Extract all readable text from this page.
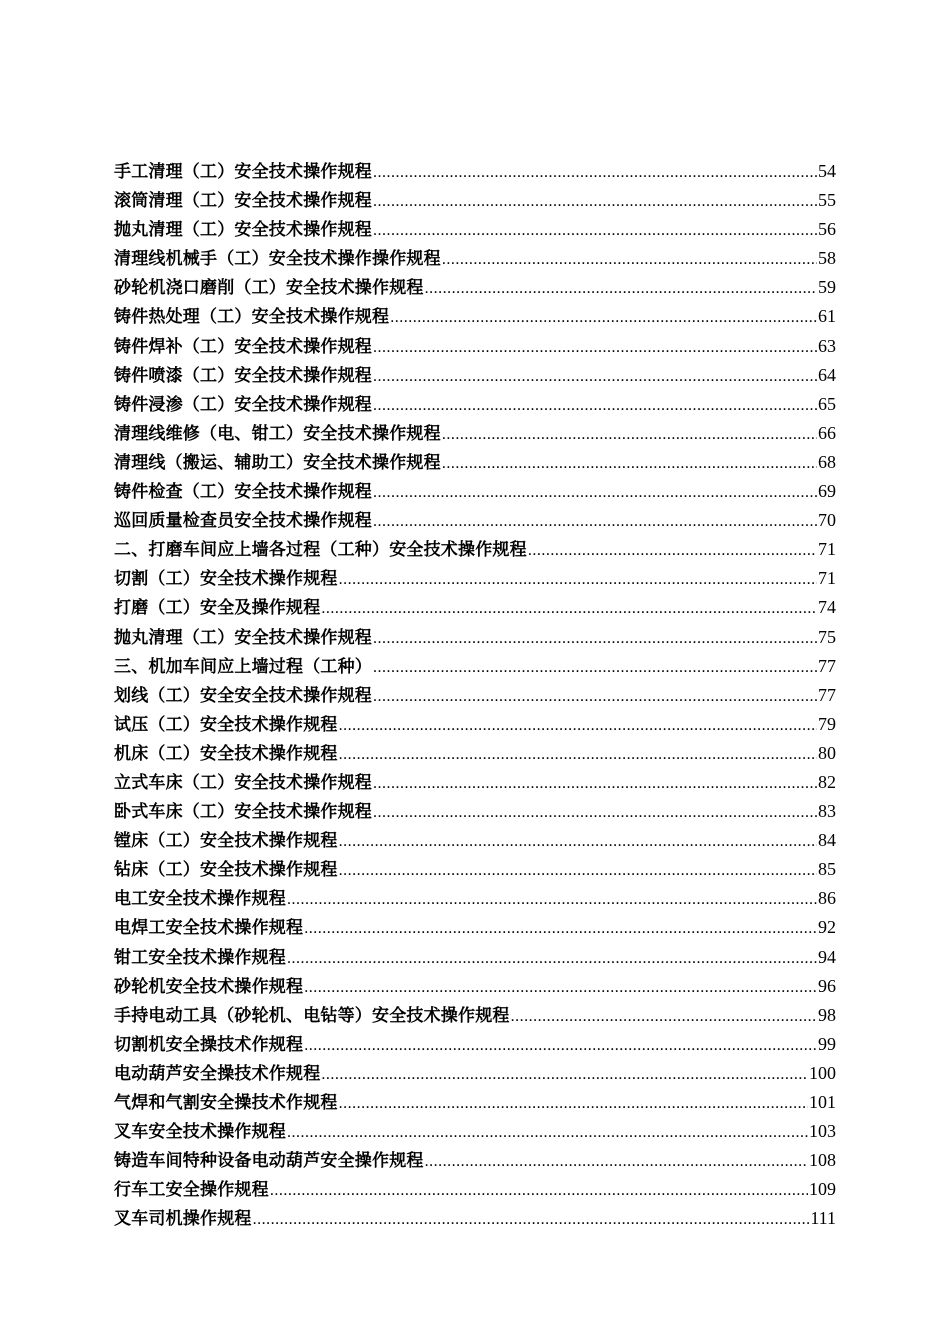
手工清理（工）安全技术操作规程 .....	54
滚筒清理（工）安全技术操作规程 .....	55
抛丸清理（工）安全技术操作规程 .....	56
清理线机械手（工）安全技术操作操作规程 .....	58
砂轮机浇口磨削（工）安全技术操作规程 .....	59
铸件热处理（工）安全技术操作规程 .....	61
铸件焊补（工）安全技术操作规程 .....	63
铸件喷漆（工）安全技术操作规程 .....	64
铸件浸渗（工）安全技术操作规程 .....	65
清理线维修（电、钳工）安全技术操作规程 .....	66
清理线（搬运、辅助工）安全技术操作规程 .....	68
铸件检查（工）安全技术操作规程 .....	69
巡回质量检查员安全技术操作规程 .....	70
二、打磨车间应上墙各过程（工种）安全技术操作规程 .....	71
切割（工）安全技术操作规程 .....	71
打磨（工）安全及操作规程 .....	74
抛丸清理（工）安全技术操作规程 .....	75
三、机加车间应上墙过程（工种） .....	77
划线（工）安全安全技术操作规程 .....	77
试压（工）安全技术操作规程 .....	79
机床（工）安全技术操作规程 .....	80
立式车床（工）安全技术操作规程 .....	82
卧式车床（工）安全技术操作规程 .....	83
镗床（工）安全技术操作规程 .....	84
钻床（工）安全技术操作规程 .....	85
电工安全技术操作规程 .....	86
电焊工安全技术操作规程 .....	92
钳工安全技术操作规程 .....	94
砂轮机安全技术操作规程 .....	96
手持电动工具（砂轮机、电钻等）安全技术操作规程 .....	98
切割机安全操技术作规程 .....	99
电动葫芦安全操技术作规程 .....	100
气焊和气割安全操技术作规程 .....	101
叉车安全技术操作规程 .....	103
铸造车间特种设备电动葫芦安全操作规程 .....	108
行车工安全操作规程 .....	109
叉车司机操作规程 .....	111
